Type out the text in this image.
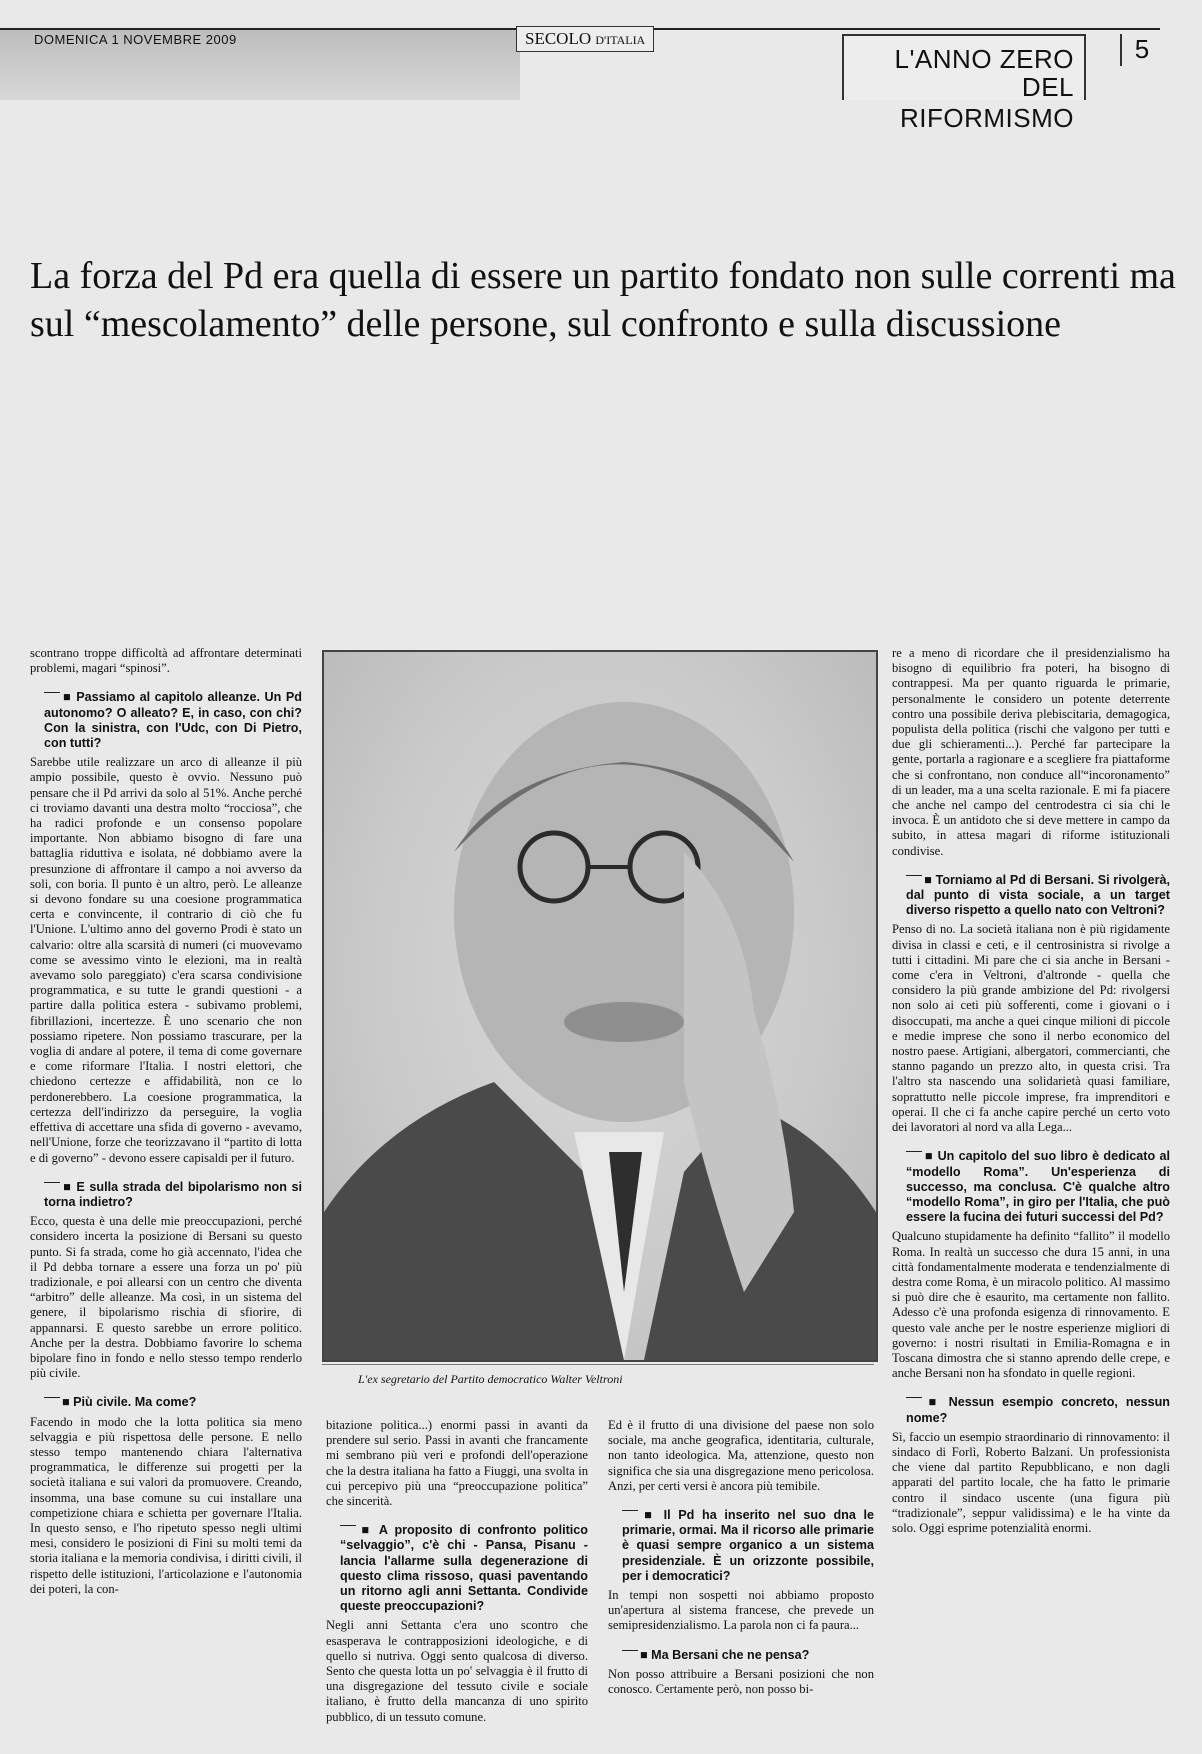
DOMENICA 1 NOVEMBRE 2009	SECOLO D'ITALIA
L'ANNO ZERO
DEL RIFORMISMO
5
La forza del Pd era quella di essere un partito fondato non sulle correnti ma sul “mescolamento” delle persone, sul confronto e sulla discussione

scontrano troppe difficoltà ad affrontare determinati problemi, magari “spinosi”.

■ Passiamo al capitolo alleanze. Un Pd autonomo? O alleato? E, in caso, con chi? Con la sinistra, con l'Udc, con Di Pietro, con tutti?

Sarebbe utile realizzare un arco di alleanze il più ampio possibile, questo è ovvio. Nessuno può pensare che il Pd arrivi da solo al 51%. Anche perché ci troviamo davanti una destra molto “rocciosa”, che ha radici profonde e un consenso popolare importante. Non abbiamo bisogno di fare una battaglia riduttiva e isolata, né dobbiamo avere la presunzione di affrontare il campo a noi avverso da soli, con boria. Il punto è un altro, però. Le alleanze si devono fondare su una coesione programmatica certa e convincente, il contrario di ciò che fu l'Unione. L'ultimo anno del governo Prodi è stato un calvario: oltre alla scarsità di numeri (ci muovevamo come se avessimo vinto le elezioni, ma in realtà avevamo solo pareggiato) c'era scarsa condivisione programmatica, e su tutte le grandi questioni - a partire dalla politica estera - subivamo problemi, fibrillazioni, incertezze. È uno scenario che non possiamo ripetere. Non possiamo trascurare, per la voglia di andare al potere, il tema di come governare e come riformare l'Italia. I nostri elettori, che chiedono certezze e affidabilità, non ce lo perdonerebbero. La coesione programmatica, la certezza dell'indirizzo da perseguire, la voglia effettiva di accettare una sfida di governo - avevamo, nell'Unione, forze che teorizzavano il “partito di lotta e di governo” - devono essere capisaldi per il futuro.

■ E sulla strada del bipolarismo non si torna indietro?

Ecco, questa è una delle mie preoccupazioni, perché considero incerta la posizione di Bersani su questo punto. Si fa strada, come ho già accennato, l'idea che il Pd debba tornare a essere una forza un po' più tradizionale, e poi allearsi con un centro che diventa “arbitro” delle alleanze. Ma così, in un sistema del genere, il bipolarismo rischia di sfiorire, di appannarsi. E questo sarebbe un errore politico. Anche per la destra. Dobbiamo favorire lo schema bipolare fino in fondo e nello stesso tempo renderlo più civile.

■ Più civile. Ma come?

Facendo in modo che la lotta politica sia meno selvaggia e più rispettosa delle persone. E nello stesso tempo mantenendo chiara l'alternativa programmatica, le differenze sui progetti per la società italiana e sui valori da promuovere. Creando, insomma, una base comune su cui installare una competizione chiara e schietta per governare l'Italia. In questo senso, e l'ho ripetuto spesso negli ultimi mesi, considero le posizioni di Fini su molti temi da storia italiana e la memoria condivisa, i diritti civili, il rispetto delle istituzioni, l'articolazione e l'autonomia dei poteri, la con-

L'ex segretario del Partito democratico Walter Veltroni

bitazione politica...) enormi passi in avanti da prendere sul serio. Passi in avanti che francamente mi sembrano più veri e profondi dell'operazione che la destra italiana ha fatto a Fiuggi, una svolta in cui percepivo più una “preoccupazione politica” che sincerità.

■ A proposito di confronto politico “selvaggio”, c'è chi - Pansa, Pisanu - lancia l'allarme sulla degenerazione di questo clima rissoso, quasi paventando un ritorno agli anni Settanta. Condivide queste preoccupazioni?

Negli anni Settanta c'era uno scontro che esasperava le contrapposizioni ideologiche, e di quello si nutriva. Oggi sento qualcosa di diverso. Sento che questa lotta un po' selvaggia è il frutto di una disgregazione del tessuto civile e sociale italiano, è frutto della mancanza di uno spirito pubblico, di un tessuto comune.

Ed è il frutto di una divisione del paese non solo sociale, ma anche geografica, identitaria, culturale, non tanto ideologica. Ma, attenzione, questo non significa che sia una disgregazione meno pericolosa. Anzi, per certi versi è ancora più temibile.

■ Il Pd ha inserito nel suo dna le primarie, ormai. Ma il ricorso alle primarie è quasi sempre organico a un sistema presidenziale. È un orizzonte possibile, per i democratici?

In tempi non sospetti noi abbiamo proposto un'apertura al sistema francese, che prevede un semipresidenzialismo. La parola non ci fa paura...

■ Ma Bersani che ne pensa?

Non posso attribuire a Bersani posizioni che non conosco. Certamente però, non posso bi-

re a meno di ricordare che il presidenzialismo ha bisogno di equilibrio fra poteri, ha bisogno di contrappesi. Ma per quanto riguarda le primarie, personalmente le considero un potente deterrente contro una possibile deriva plebiscitaria, demagogica, populista della politica (rischi che valgono per tutti e due gli schieramenti...). Perché far partecipare la gente, portarla a ragionare e a scegliere fra piattaforme che si confrontano, non conduce all'“incoronamento” di un leader, ma a una scelta razionale. E mi fa piacere che anche nel campo del centrodestra ci sia chi le invoca. È un antidoto che si deve mettere in campo da subito, in attesa magari di riforme istituzionali condivise.

■ Torniamo al Pd di Bersani. Si rivolgerà, dal punto di vista sociale, a un target diverso rispetto a quello nato con Veltroni?

Penso di no. La società italiana non è più rigidamente divisa in classi e ceti, e il centrosinistra si rivolge a tutti i cittadini. Mi pare che ci sia anche in Bersani - come c'era in Veltroni, d'altronde - quella che considero la più grande ambizione del Pd: rivolgersi non solo ai ceti più sofferenti, come i giovani o i disoccupati, ma anche a quei cinque milioni di piccole e medie imprese che sono il nerbo economico del nostro paese. Artigiani, albergatori, commercianti, che stanno pagando un prezzo alto, in questa crisi. Tra l'altro sta nascendo una solidarietà quasi familiare, soprattutto nelle piccole imprese, fra imprenditori e operai. Il che ci fa anche capire perché un certo voto dei lavoratori al nord va alla Lega...

■ Un capitolo del suo libro è dedicato al “modello Roma”. Un'esperienza di successo, ma conclusa. C'è qualche altro “modello Roma”, in giro per l'Italia, che può essere la fucina dei futuri successi del Pd?

Qualcuno stupidamente ha definito “fallito” il modello Roma. In realtà un successo che dura 15 anni, in una città fondamentalmente moderata e tendenzialmente di destra come Roma, è un miracolo politico. Al massimo si può dire che è esaurito, ma certamente non fallito. Adesso c'è una profonda esigenza di rinnovamento. E questo vale anche per le nostre esperienze migliori di governo: i nostri risultati in Emilia-Romagna e in Toscana dimostra che si stanno aprendo delle crepe, e anche Bersani non ha sfondato in quelle regioni.

■ Nessun esempio concreto, nessun nome?

Sì, faccio un esempio straordinario di rinnovamento: il sindaco di Forlì, Roberto Balzani. Un professionista che viene dal partito Repubblicano, e non dagli apparati del partito locale, che ha fatto le primarie contro il sindaco uscente (una figura più “tradizionale”, seppur validissima) e le ha vinte da solo. Oggi esprime potenzialità enormi.
